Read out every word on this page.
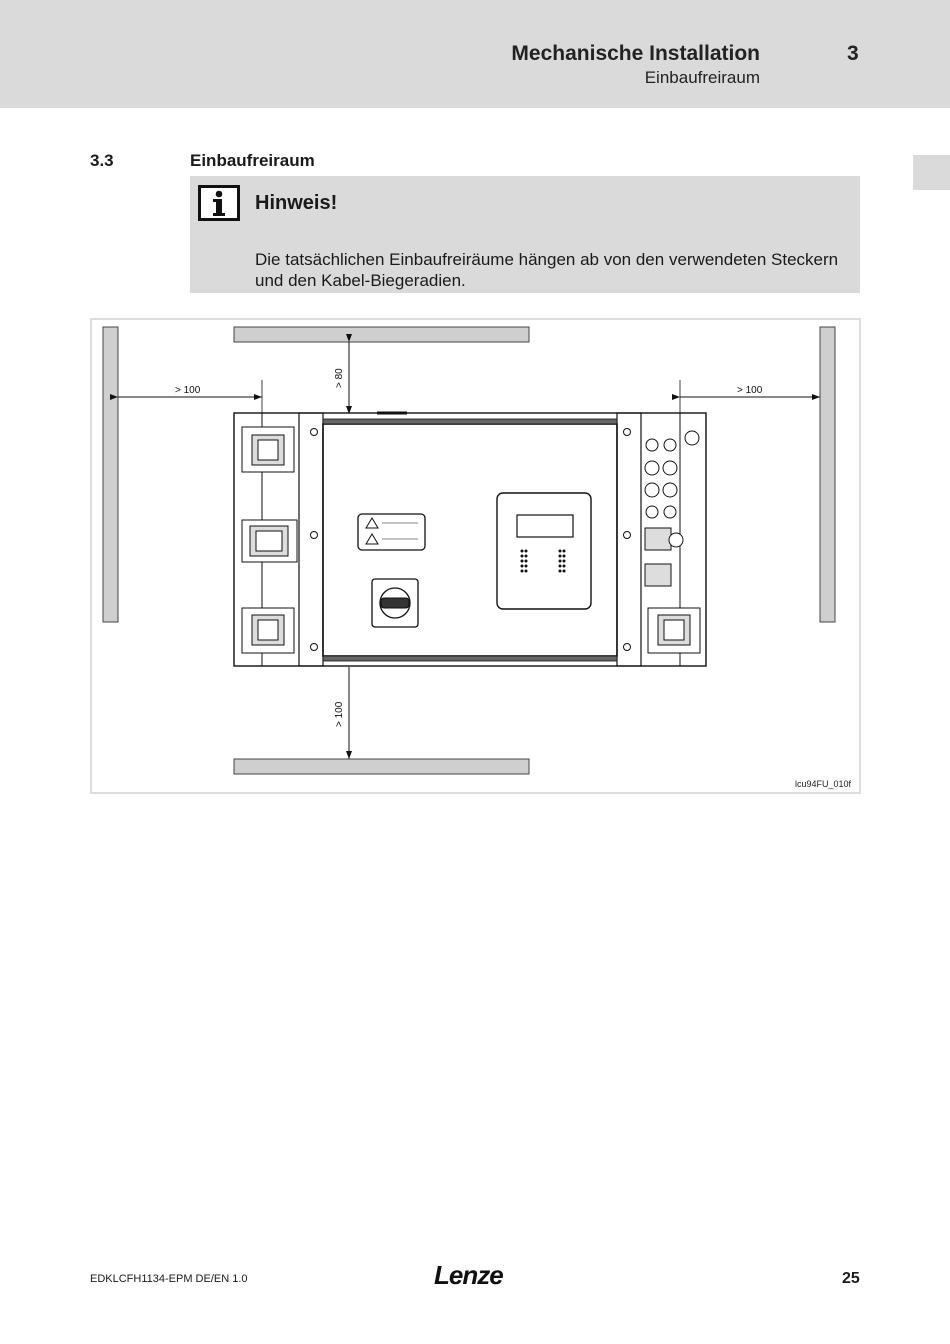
Mechanische Installation
Einbaufreiraum
3
3.3	Einbaufreiraum
Hinweis!
Die tatsächlichen Einbaufreiräume hängen ab von den verwendeten Steckern
und den Kabel-Biegeradien.
> 100	> 100
> 80
> 100
lcu94FU_010f
EDKLCFH1134-EPM DE/EN 1.0	Lenze	25
